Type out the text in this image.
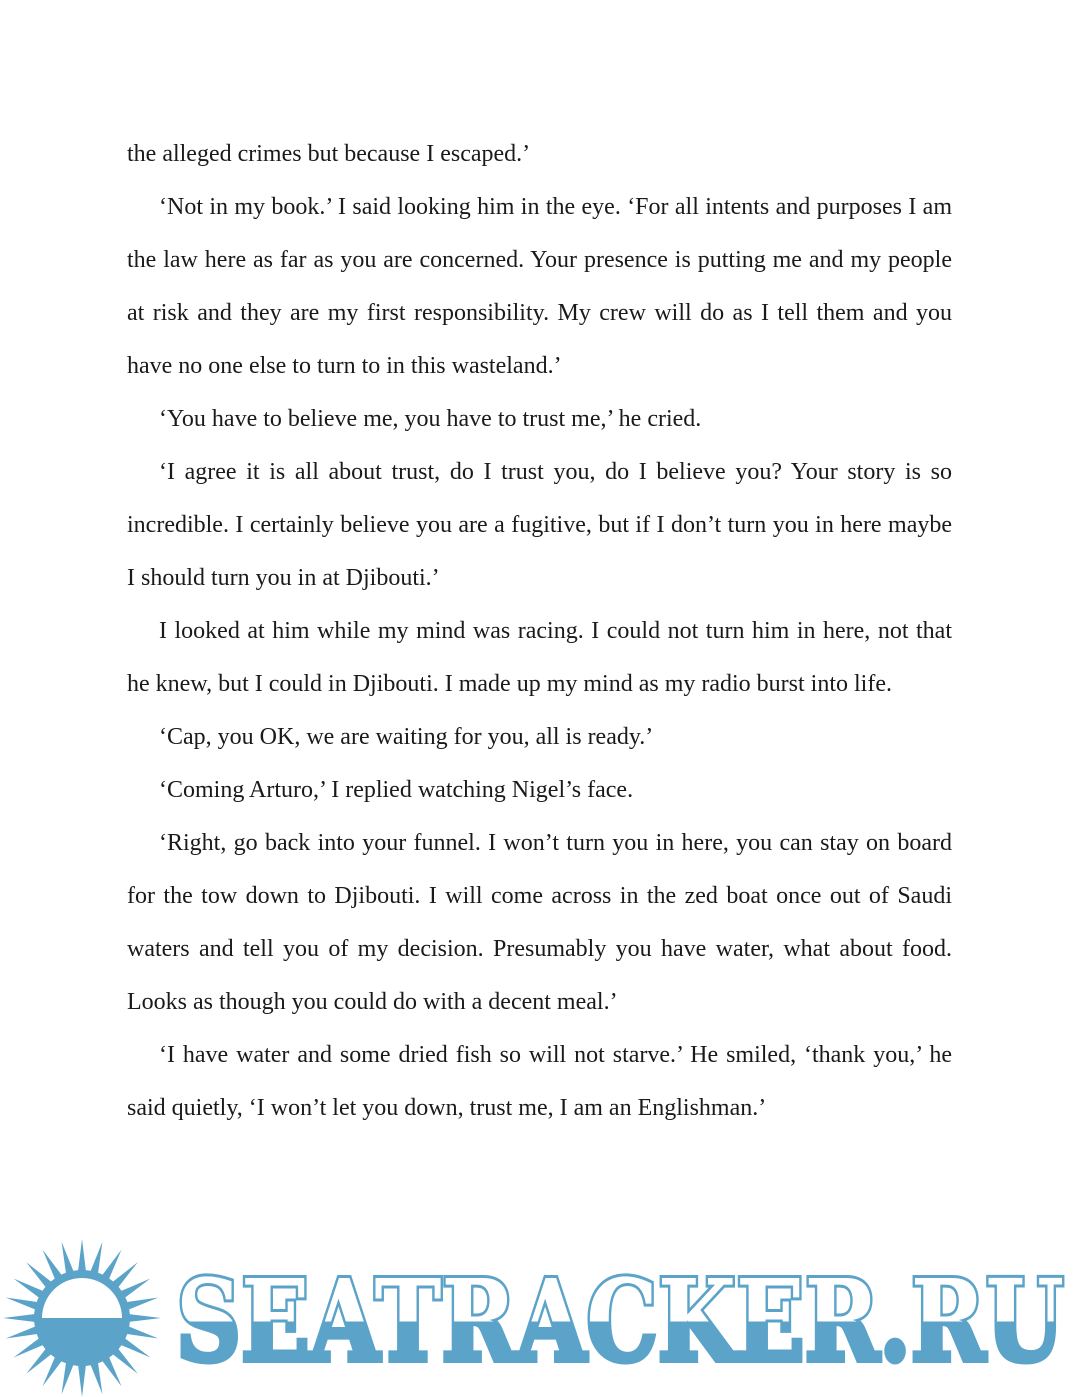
the alleged crimes but because I escaped.’

‘Not in my book.’ I said looking him in the eye. ‘For all intents and purposes I am the law here as far as you are concerned. Your presence is putting me and my people at risk and they are my first responsibility. My crew will do as I tell them and you have no one else to turn to in this wasteland.’

‘You have to believe me, you have to trust me,’ he cried.

‘I agree it is all about trust, do I trust you, do I believe you? Your story is so incredible. I certainly believe you are a fugitive, but if I don’t turn you in here maybe I should turn you in at Djibouti.’

I looked at him while my mind was racing. I could not turn him in here, not that he knew, but I could in Djibouti. I made up my mind as my radio burst into life.

‘Cap, you OK, we are waiting for you, all is ready.’

‘Coming Arturo,’ I replied watching Nigel’s face.

‘Right, go back into your funnel. I won’t turn you in here, you can stay on board for the tow down to Djibouti. I will come across in the zed boat once out of Saudi waters and tell you of my decision. Presumably you have water, what about food. Looks as though you could do with a decent meal.’

‘I have water and some dried fish so will not starve.’ He smiled, ‘thank you,’ he said quietly, ‘I won’t let you down, trust me, I am an Englishman.’

SEATRACKER.RU
